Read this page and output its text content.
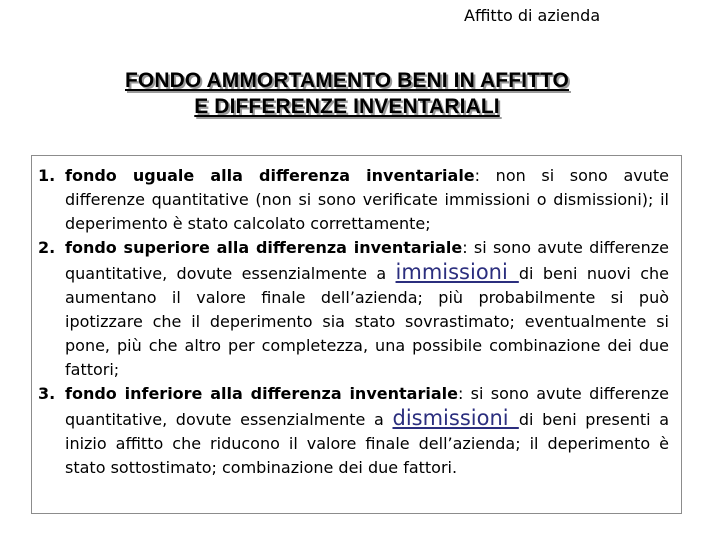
Affitto di azienda
FONDO AMMORTAMENTO BENI IN AFFITTO
E DIFFERENZE INVENTARIALI
1. fondo uguale alla differenza inventariale: non si sono avute differenze quantitative (non si sono verificate immissioni o dismissioni); il deperimento è stato calcolato correttamente;
2. fondo superiore alla differenza inventariale: si sono avute differenze quantitative, dovute essenzialmente a immissioni di beni nuovi che aumentano il valore finale dell’azienda; più probabilmente si può ipotizzare che il deperimento sia stato sovrastimato; eventualmente si pone, più che altro per completezza, una possibile combinazione dei due fattori;
3. fondo inferiore alla differenza inventariale: si sono avute differenze quantitative, dovute essenzialmente a dismissioni di beni presenti a inizio affitto che riducono il valore finale dell’azienda; il deperimento è stato sottostimato; combinazione dei due fattori.
